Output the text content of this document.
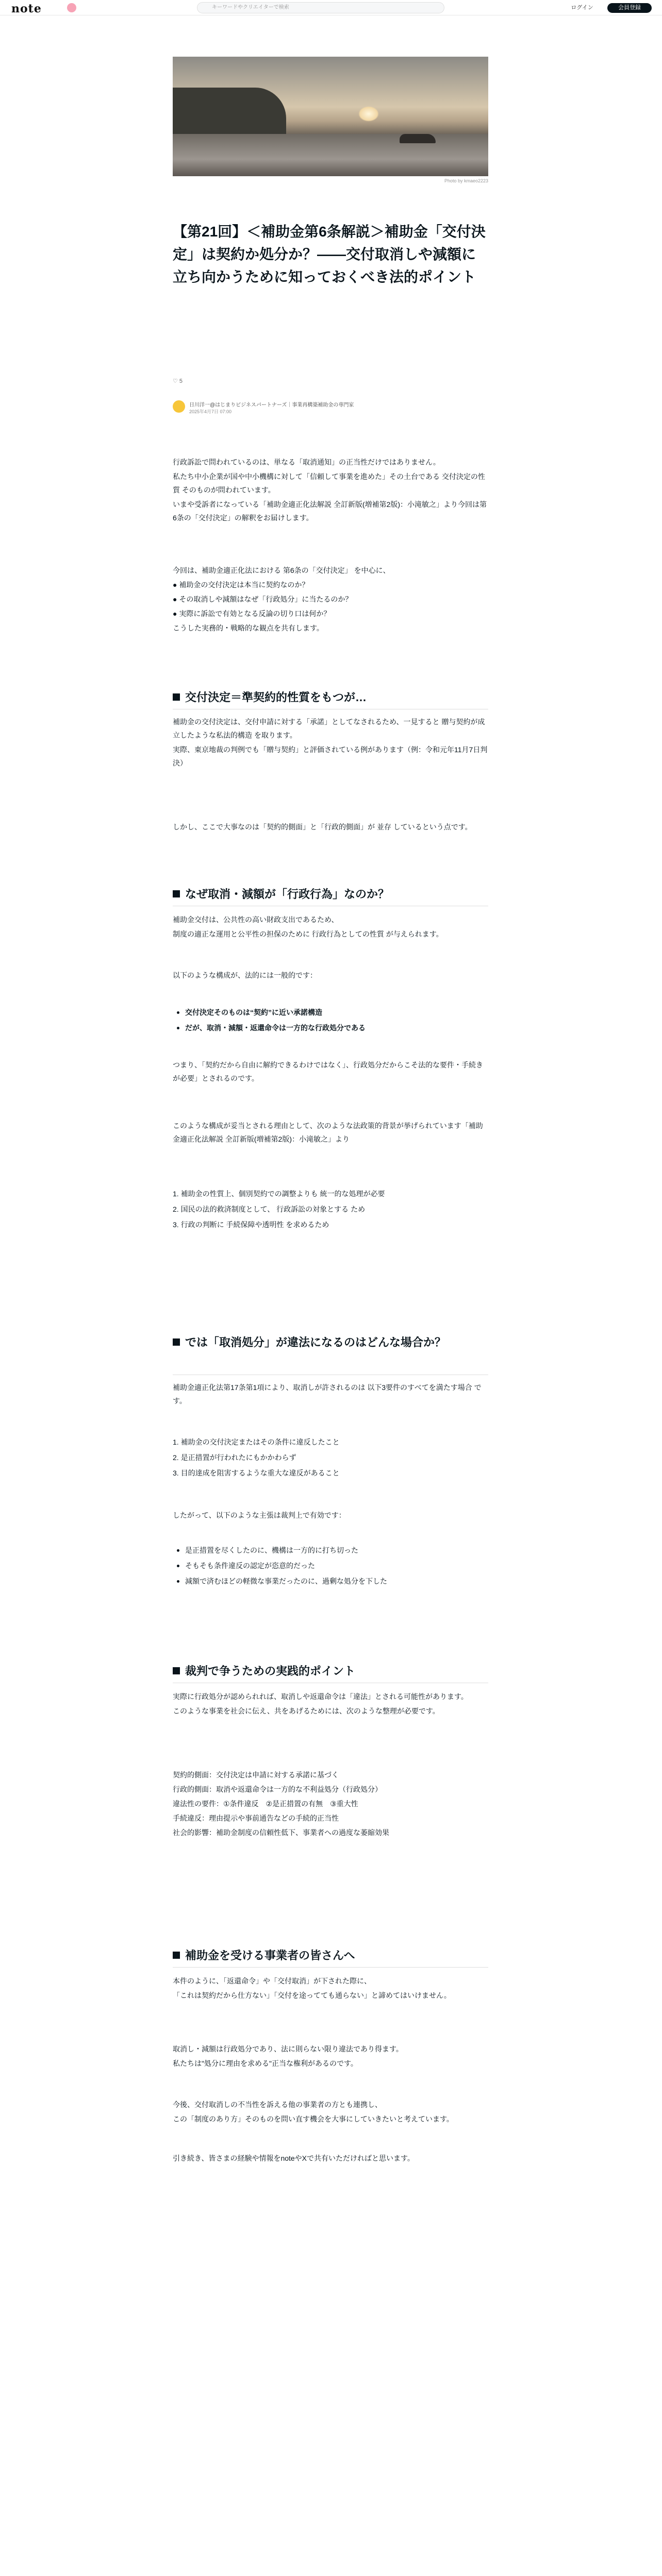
note	キーワードやクリエイターで検索	ログイン	会員登録
Photo by kmaeo2223
【第21回】＜補助金第6条解説＞補助金「交付決定」は契約か処分か？――交付取消しや減額に立ち向かうために知っておくべき法的ポイント
♡ 5
日川洋一@はじまりビジネスパートナーズ｜事業再構築補助金の専門家
2025年4月7日 07:00

行政訴訟で問われているのは、単なる「取消通知」の正当性だけではありません。

私たち中小企業が国や中小機構に対して「信頼して事業を進めた」その土台である 交付決定の性質 そのものが問われています。

いまや受訴者になっている「補助金適正化法解説 全訂新版(増補第2版)：小滝敏之」より今回は第6条の「交付決定」の解釈をお届けします。

今回は、補助金適正化法における 第6条の「交付決定」 を中心に、

● 補助金の交付決定は本当に契約なのか？

● その取消しや減額はなぜ「行政処分」に当たるのか？

● 実際に訴訟で有効となる反論の切り口は何か？

こうした実務的・戦略的な観点を共有します。

交付決定＝準契約的性質をもつが…

補助金の交付決定は、交付申請に対する「承諾」としてなされるため、一見すると 贈与契約が成立したような私法的構造 を取ります。

実際、東京地裁の判例でも「贈与契約」と評価されている例があります（例：令和元年11月7日判決）

しかし、ここで大事なのは「契約的側面」と「行政的側面」が 並存 しているという点です。

なぜ取消・減額が「行政行為」なのか？

補助金交付は、公共性の高い財政支出であるため、

制度の適正な運用と公平性の担保のために 行政行為としての性質 が与えられます。

以下のような構成が、法的には一般的です：

交付決定そのものは“契約”に近い承諾構造
だが、取消・減額・返還命令は一方的な行政処分である

つまり、「契約だから自由に解約できるわけではなく」、行政処分だからこそ法的な要件・手続きが必要」とされるのです。

このような構成が妥当とされる理由として、次のような法政策的背景が挙げられています「補助金適正化法解説 全訂新版(増補第2版)：小滝敏之」より

1. 補助金の性質上、個別契約での調整よりも 統一的な処理が必要
2. 国民の法的救済制度として、 行政訴訟の対象とする ため
3. 行政の判断に 手続保障や透明性 を求めるため
では「取消処分」が違法になるのはどんな場合か？

補助金適正化法第17条第1項により、取消しが許されるのは 以下3要件のすべてを満たす場合 です。

1. 補助金の交付決定またはその条件に違反したこと
2. 是正措置が行われたにもかかわらず
3. 目的達成を阻害するような重大な違反があること

したがって、以下のような主張は裁判上で有効です：

是正措置を尽くしたのに、機構は一方的に打ち切った
そもそも条件違反の認定が恣意的だった
減額で済むほどの軽微な事業だったのに、過剰な処分を下した
裁判で争うための実践的ポイント

実際に行政処分が認められれば、取消しや返還命令は「違法」とされる可能性があります。

このような事業を社会に伝え、共をあげるためには、次のような整理が必要です。

契約的側面：交付決定は申請に対する承諾に基づく

行政的側面：取消や返還命令は一方的な不利益処分（行政処分）

違法性の要件：①条件違反　②是正措置の有無　③重大性

手続違反：理由提示や事前通告などの手続的正当性

社会的影響：補助金制度の信頼性低下、事業者への過度な萎縮効果

補助金を受ける事業者の皆さんへ

本件のように、「返還命令」や「交付取消」が下された際に、

「これは契約だから仕方ない」「交付を途ってても通らない」と諦めてはいけません。

取消し・減額は行政処分であり、法に則らない限り違法であり得ます。

私たちは"処分に理由を求める"正当な権利があるのです。

今後、交付取消しの不当性を訴える他の事業者の方とも連携し、

この「制度のあり方」そのものを問い直す機会を大事にしていきたいと考えています。

引き続き、皆さまの経験や情報をnoteやXで共有いただければと思います。
